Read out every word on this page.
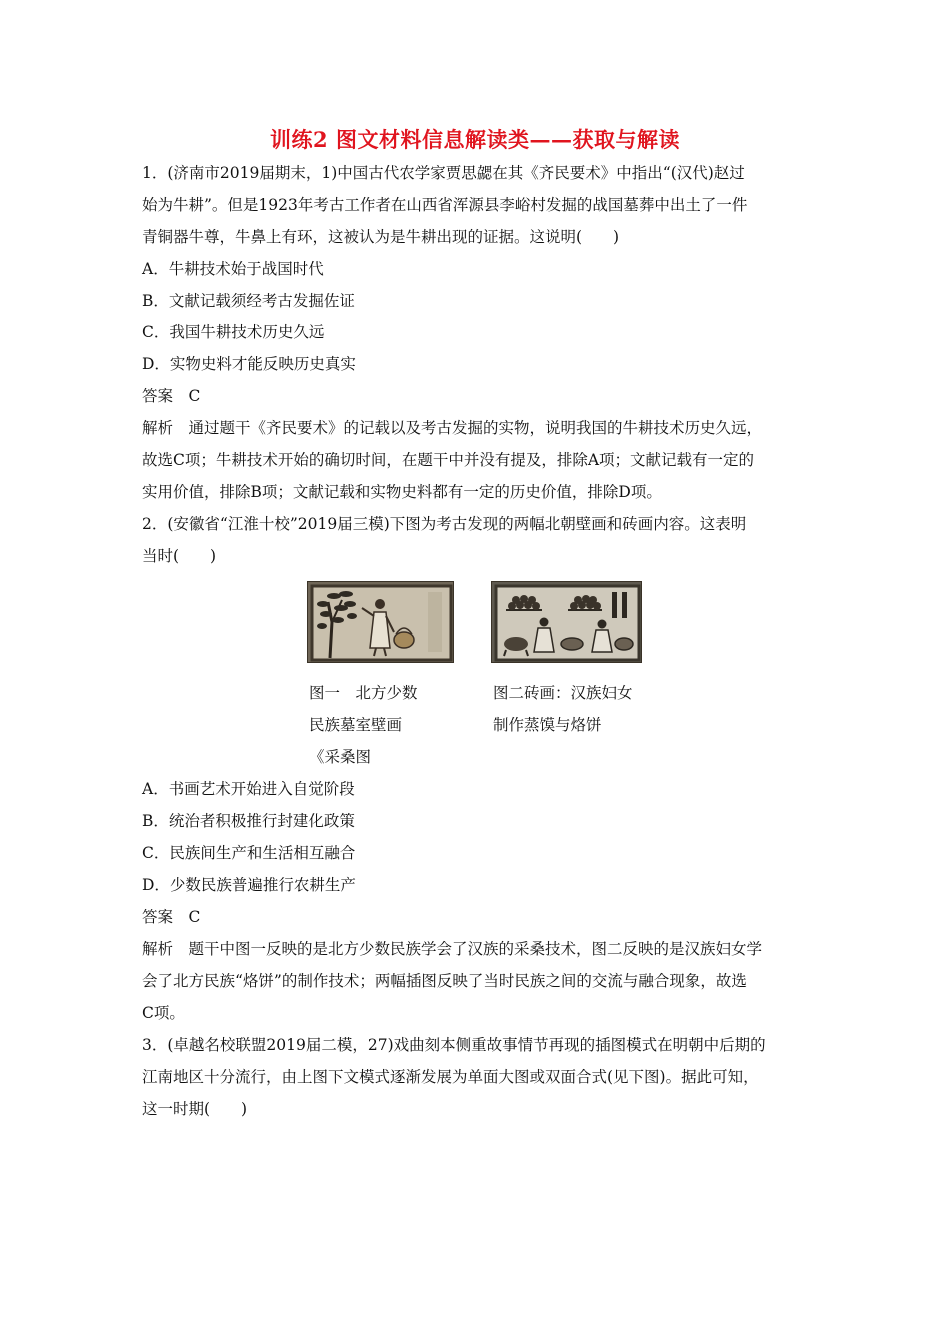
训练2 图文材料信息解读类——获取与解读
1．(济南市2019届期末，1)中国古代农学家贾思勰在其《齐民要术》中指出“(汉代)赵过
始为牛耕”。但是1923年考古工作者在山西省浑源县李峪村发掘的战国墓葬中出土了一件
青铜器牛尊，牛鼻上有环，这被认为是牛耕出现的证据。这说明(　　)
A．牛耕技术始于战国时代
B．文献记载须经考古发掘佐证
C．我国牛耕技术历史久远
D．实物史料才能反映历史真实
答案　C
解析　通过题干《齐民要术》的记载以及考古发掘的实物，说明我国的牛耕技术历史久远，
故选C项；牛耕技术开始的确切时间，在题干中并没有提及，排除A项；文献记载有一定的
实用价值，排除B项；文献记载和实物史料都有一定的历史价值，排除D项。
2．(安徽省“江淮十校”2019届三模)下图为考古发现的两幅北朝壁画和砖画内容。这表明
当时(　　)
图一　北方少数
民族墓室壁画
《采桑图
图二砖画：汉族妇女
制作蒸馍与烙饼
A．书画艺术开始进入自觉阶段
B．统治者积极推行封建化政策
C．民族间生产和生活相互融合
D．少数民族普遍推行农耕生产
答案　C
解析　题干中图一反映的是北方少数民族学会了汉族的采桑技术，图二反映的是汉族妇女学
会了北方民族“烙饼”的制作技术；两幅插图反映了当时民族之间的交流与融合现象，故选
C项。
3．(卓越名校联盟2019届二模，27)戏曲刻本侧重故事情节再现的插图模式在明朝中后期的
江南地区十分流行，由上图下文模式逐渐发展为单面大图或双面合式(见下图)。据此可知，
这一时期(　　)
